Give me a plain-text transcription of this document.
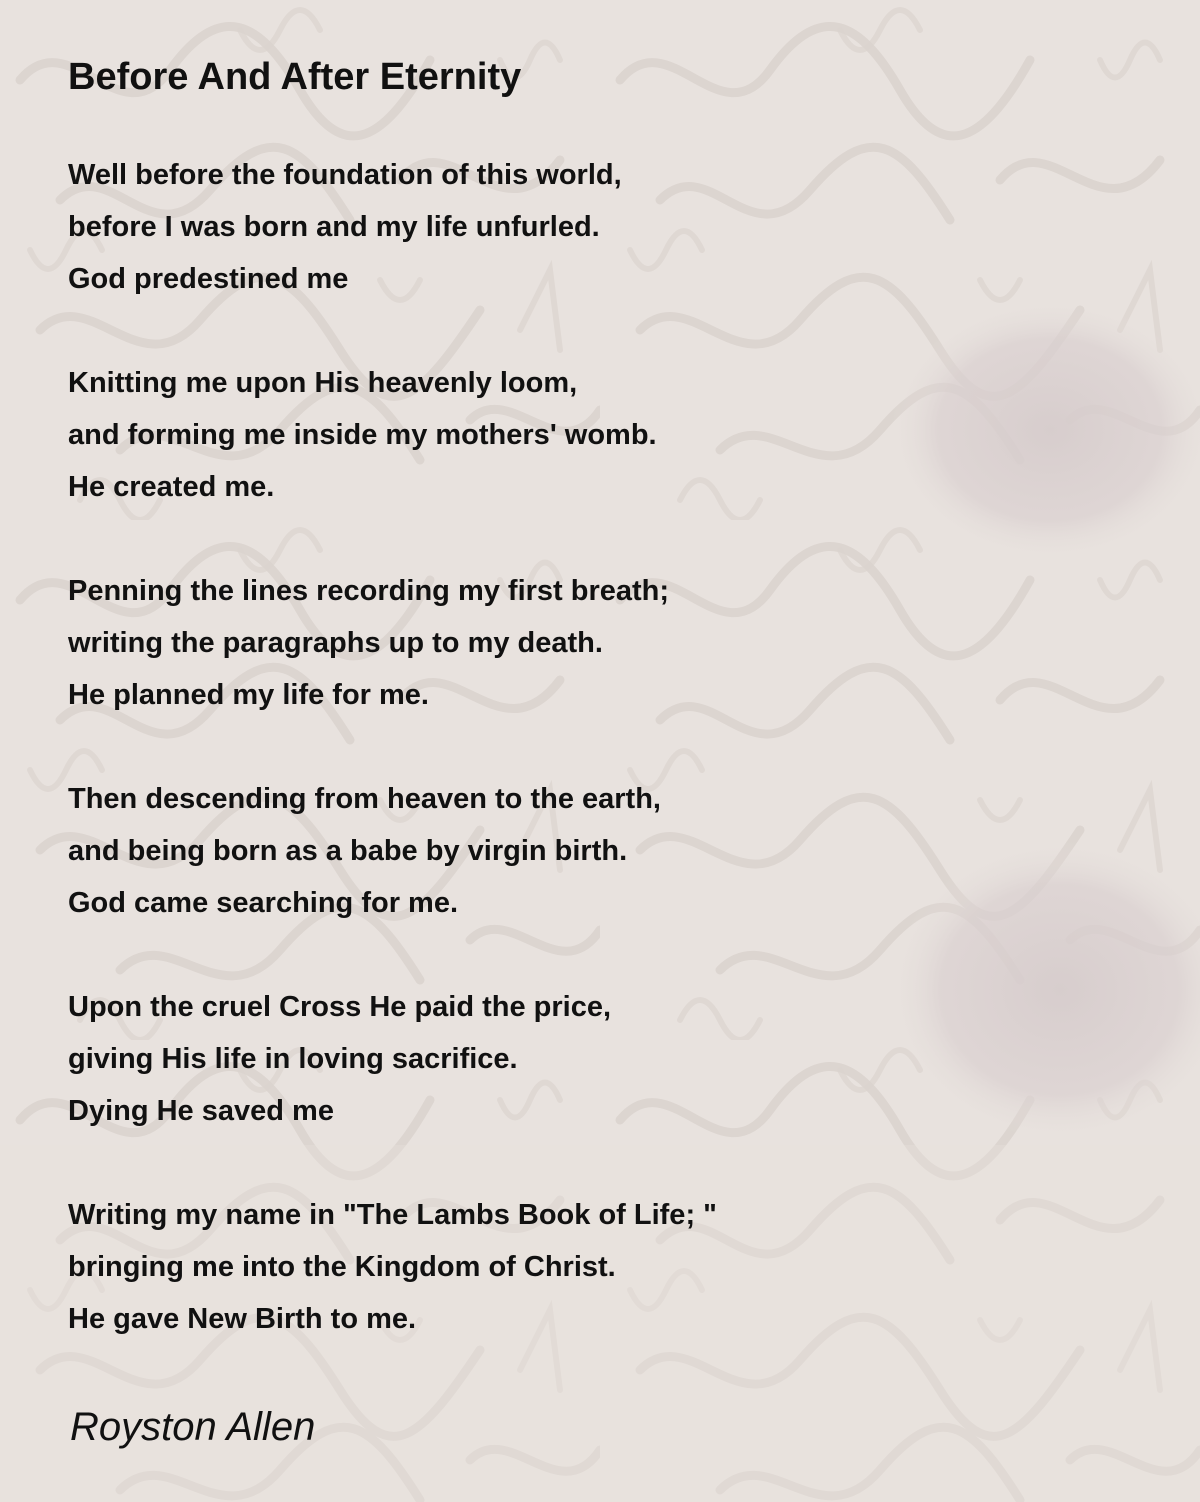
Before And After Eternity
Well before the foundation of this world,
before I was born and my life unfurled.
God predestined me
Knitting me upon His heavenly loom,
and forming me inside my mothers' womb.
He created me.
Penning the lines recording my first breath;
writing the paragraphs up to my death.
He planned my life for me.
Then descending from heaven to the earth,
and being born as a babe by virgin birth.
God came searching for me.
Upon the cruel Cross He paid the price,
giving His life in loving sacrifice.
Dying He saved me
Writing my name in "The Lambs Book of Life; "
bringing me into the Kingdom of Christ.
He gave New Birth to me.

Royston Allen
